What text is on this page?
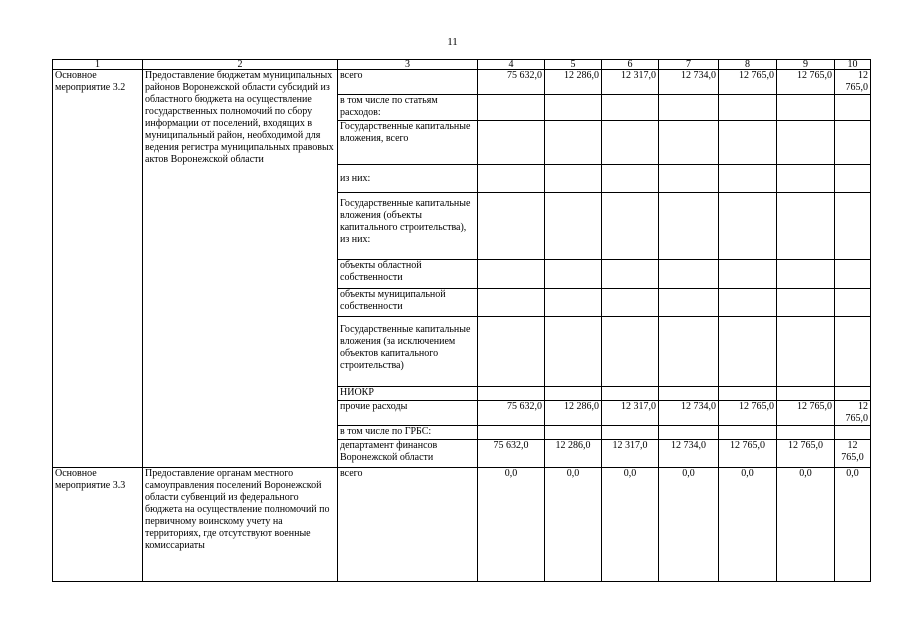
11
1	2	3	4	5	6	7	8	9	10
Основное мероприятие 3.2	Предоставление бюджетам муниципальных районов Воронежской области субсидий из областного бюджета на осуществление государственных полномочий по сбору информации от поселений, входящих в муниципальный район, необходимой для ведения регистра муниципальных правовых актов Воронежской области	всего	75 632,0	12 286,0	12 317,0	12 734,0	12 765,0	12 765,0	12 765,0
		в том числе по статьям расходов:							
		Государственные капитальные вложения, всего							
		из них:							
		Государственные капитальные вложения (объекты капитального строительства), из них:							
		объекты областной собственности							
		объекты муниципальной собственности							
		Государственные капитальные вложения (за исключением объектов капитального строительства)							
		НИОКР							
		прочие расходы	75 632,0	12 286,0	12 317,0	12 734,0	12 765,0	12 765,0	12 765,0
		в том числе по ГРБС:							
		департамент финансов Воронежской области	75 632,0	12 286,0	12 317,0	12 734,0	12 765,0	12 765,0	12 765,0
Основное мероприятие 3.3	Предоставление органам местного самоуправления поселений Воронежской области субвенций из федерального бюджета на осуществление полномочий по первичному воинскому учету на территориях, где отсутствуют военные комиссариаты	всего	0,0	0,0	0,0	0,0	0,0	0,0	0,0
